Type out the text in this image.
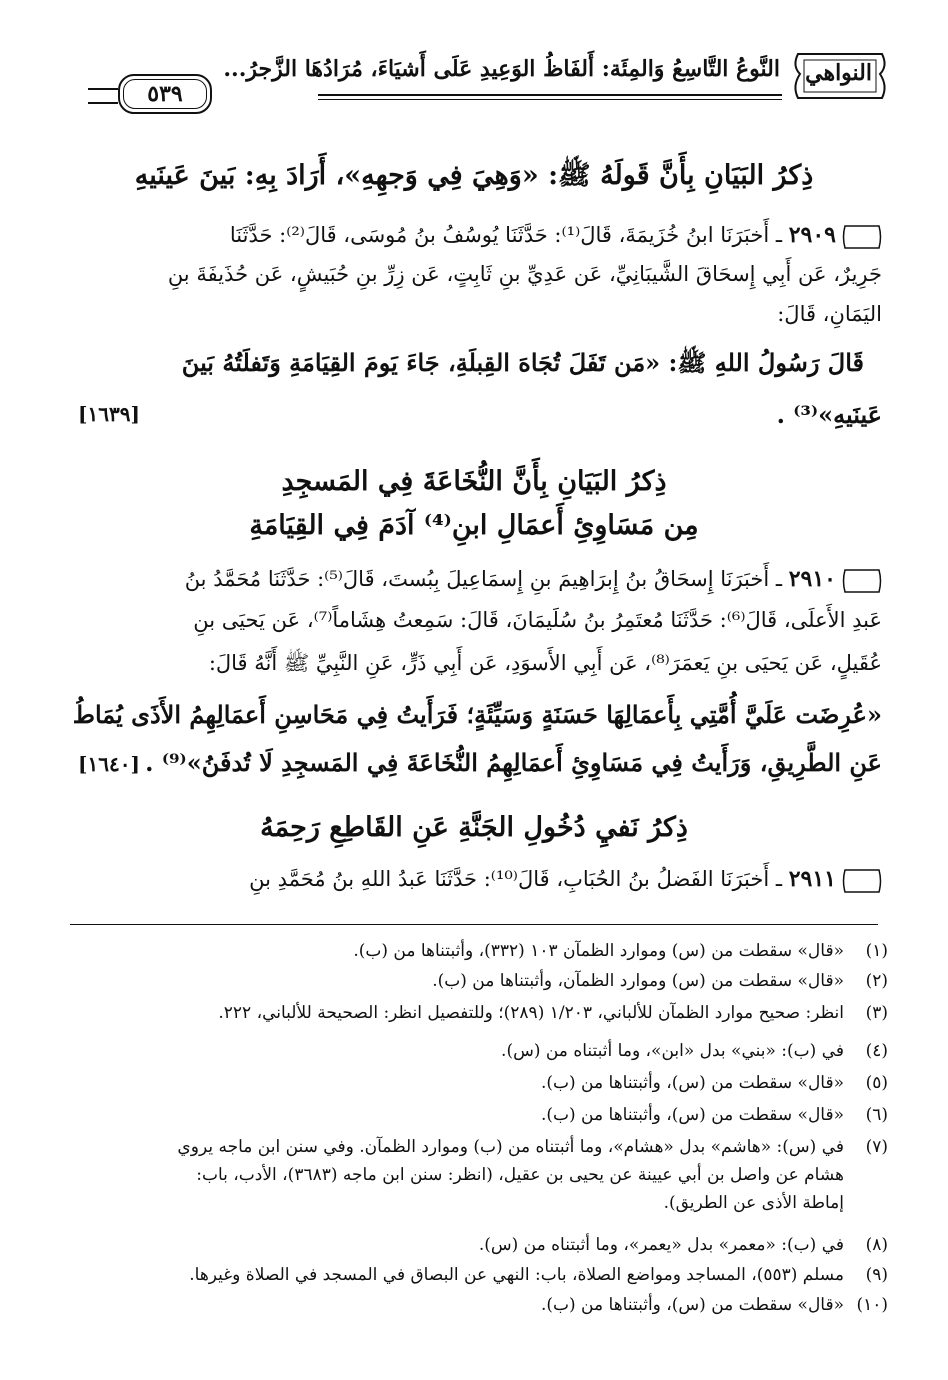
النواهي
النَّوعُ التَّاسِعُ وَالمِئَة: أَلفَاظُ الوَعِيدِ عَلَى أَشيَاءَ، مُرَادُهَا الزَّجرُ...
٥٣٩
ذِكرُ البَيَانِ بِأَنَّ قَولَهُ ﷺ: «وَهِيَ فِي وَجهِهِ»، أَرَادَ بِهِ: بَينَ عَينَيهِ
٢٩٠٩ ـ أَخبَرَنَا ابنُ خُزَيمَةَ، قَالَ⁽¹⁾: حَدَّثَنَا يُوسُفُ بنُ مُوسَى، قَالَ⁽²⁾: حَدَّثَنَا
جَرِيرٌ، عَن أَبِي إِسحَاقَ الشَّيبَانِيِّ، عَن عَدِيِّ بنِ ثَابِتٍ، عَن زِرِّ بنِ حُبَيشٍ، عَن حُذَيفَةَ بنِ
اليَمَانِ، قَالَ:
قَالَ رَسُولُ اللهِ ﷺ: «مَن تَفَلَ تُجَاهَ القِبلَةِ، جَاءَ يَومَ القِيَامَةِ وَتَفلَتُهُ بَينَ
عَينَيهِ»⁽³⁾ .
[١٦٣٩]
ذِكرُ البَيَانِ بِأَنَّ النُّخَاعَةَ فِي المَسجِدِ
مِن مَسَاوِئِ أَعمَالِ ابنِ⁽⁴⁾ آدَمَ فِي القِيَامَةِ
٢٩١٠ ـ أَخبَرَنَا إِسحَاقُ بنُ إِبرَاهِيمَ بنِ إِسمَاعِيلَ بِبُستَ، قَالَ⁽⁵⁾: حَدَّثَنَا مُحَمَّدُ بنُ
عَبدِ الأَعلَى، قَالَ⁽⁶⁾: حَدَّثَنَا مُعتَمِرُ بنُ سُلَيمَانَ، قَالَ: سَمِعتُ هِشَاماً⁽⁷⁾، عَن يَحيَى بنِ
عُقَيلٍ، عَن يَحيَى بنِ يَعمَرَ⁽⁸⁾، عَن أَبِي الأَسوَدِ، عَن أَبِي ذَرٍّ، عَنِ النَّبِيِّ ﷺ أَنَّهُ قَالَ:
«عُرِضَت عَلَيَّ أُمَّتِي بِأَعمَالِهَا حَسَنَةٍ وَسَيِّئَةٍ؛ فَرَأَيتُ فِي مَحَاسِنِ أَعمَالِهِمُ الأَذَى يُمَاطُ
عَنِ الطَّرِيقِ، وَرَأَيتُ فِي مَسَاوِئِ أَعمَالِهِمُ النُّخَاعَةَ فِي المَسجِدِ لَا تُدفَنُ»⁽⁹⁾ .
[١٦٤٠]
ذِكرُ نَفيِ دُخُولِ الجَنَّةِ عَنِ القَاطِعِ رَحِمَهُ
٢٩١١ ـ أَخبَرَنَا الفَضلُ بنُ الحُبَابِ، قَالَ⁽¹⁰⁾: حَدَّثَنَا عَبدُ اللهِ بنُ مُحَمَّدِ بنِ
(١)«قال» سقطت من (س) وموارد الظمآن ١٠٣ (٣٣٢)، وأثبتناها من (ب).
(٢)«قال» سقطت من (س) وموارد الظمآن، وأثبتناها من (ب).
(٣)انظر: صحيح موارد الظمآن للألباني، ١/٢٠٣ (٢٨٩)؛ وللتفصيل انظر: الصحيحة للألباني، ٢٢٢.
(٤)في (ب): «بني» بدل «ابن»، وما أثبتناه من (س).
(٥)«قال» سقطت من (س)، وأثبتناها من (ب).
(٦)«قال» سقطت من (س)، وأثبتناها من (ب).
(٧)في (س): «هاشم» بدل «هشام»، وما أثبتناه من (ب) وموارد الظمآن. وفي سنن ابن ماجه يروي
هشام عن واصل بن أبي عيينة عن يحيى بن عقيل، (انظر: سنن ابن ماجه (٣٦٨٣)، الأدب، باب:
إماطة الأذى عن الطريق).
(٨)في (ب): «معمر» بدل «يعمر»، وما أثبتناه من (س).
(٩)مسلم (٥٥٣)، المساجد ومواضع الصلاة، باب: النهي عن البصاق في المسجد في الصلاة وغيرها.
(١٠)«قال» سقطت من (س)، وأثبتناها من (ب).
